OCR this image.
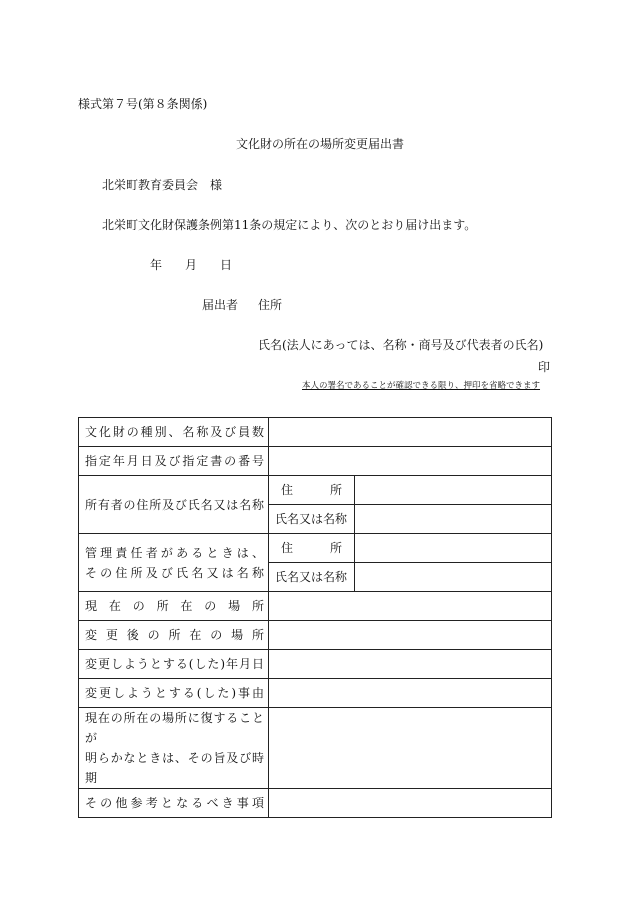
様式第７号(第８条関係)
文化財の所在の場所変更届出書
北栄町教育委員会　様
北栄町文化財保護条例第11条の規定により、次のとおり届け出ます。
年 月 日
届出者 住所
氏名(法人にあっては、名称・商号及び代表者の氏名)
印
本人の署名であることが確認できる限り、押印を省略できます
文化財の種別、名称及び員数		

指定年月日及び指定書の番号		

所有者の住所及び氏名又は名称	住 所	

	氏名又は名称	

管理責任者があるときは、
その住所及び氏名又は名称	住 所	

	氏名又は名称	

現在の所在の場所		

変更後の所在の場所		

変更しようとする(した)年月日		

変更しようとする(した)事由		

現在の所在の場所に復することが
明らかなときは、その旨及び時期		

その他参考となるべき事項		
